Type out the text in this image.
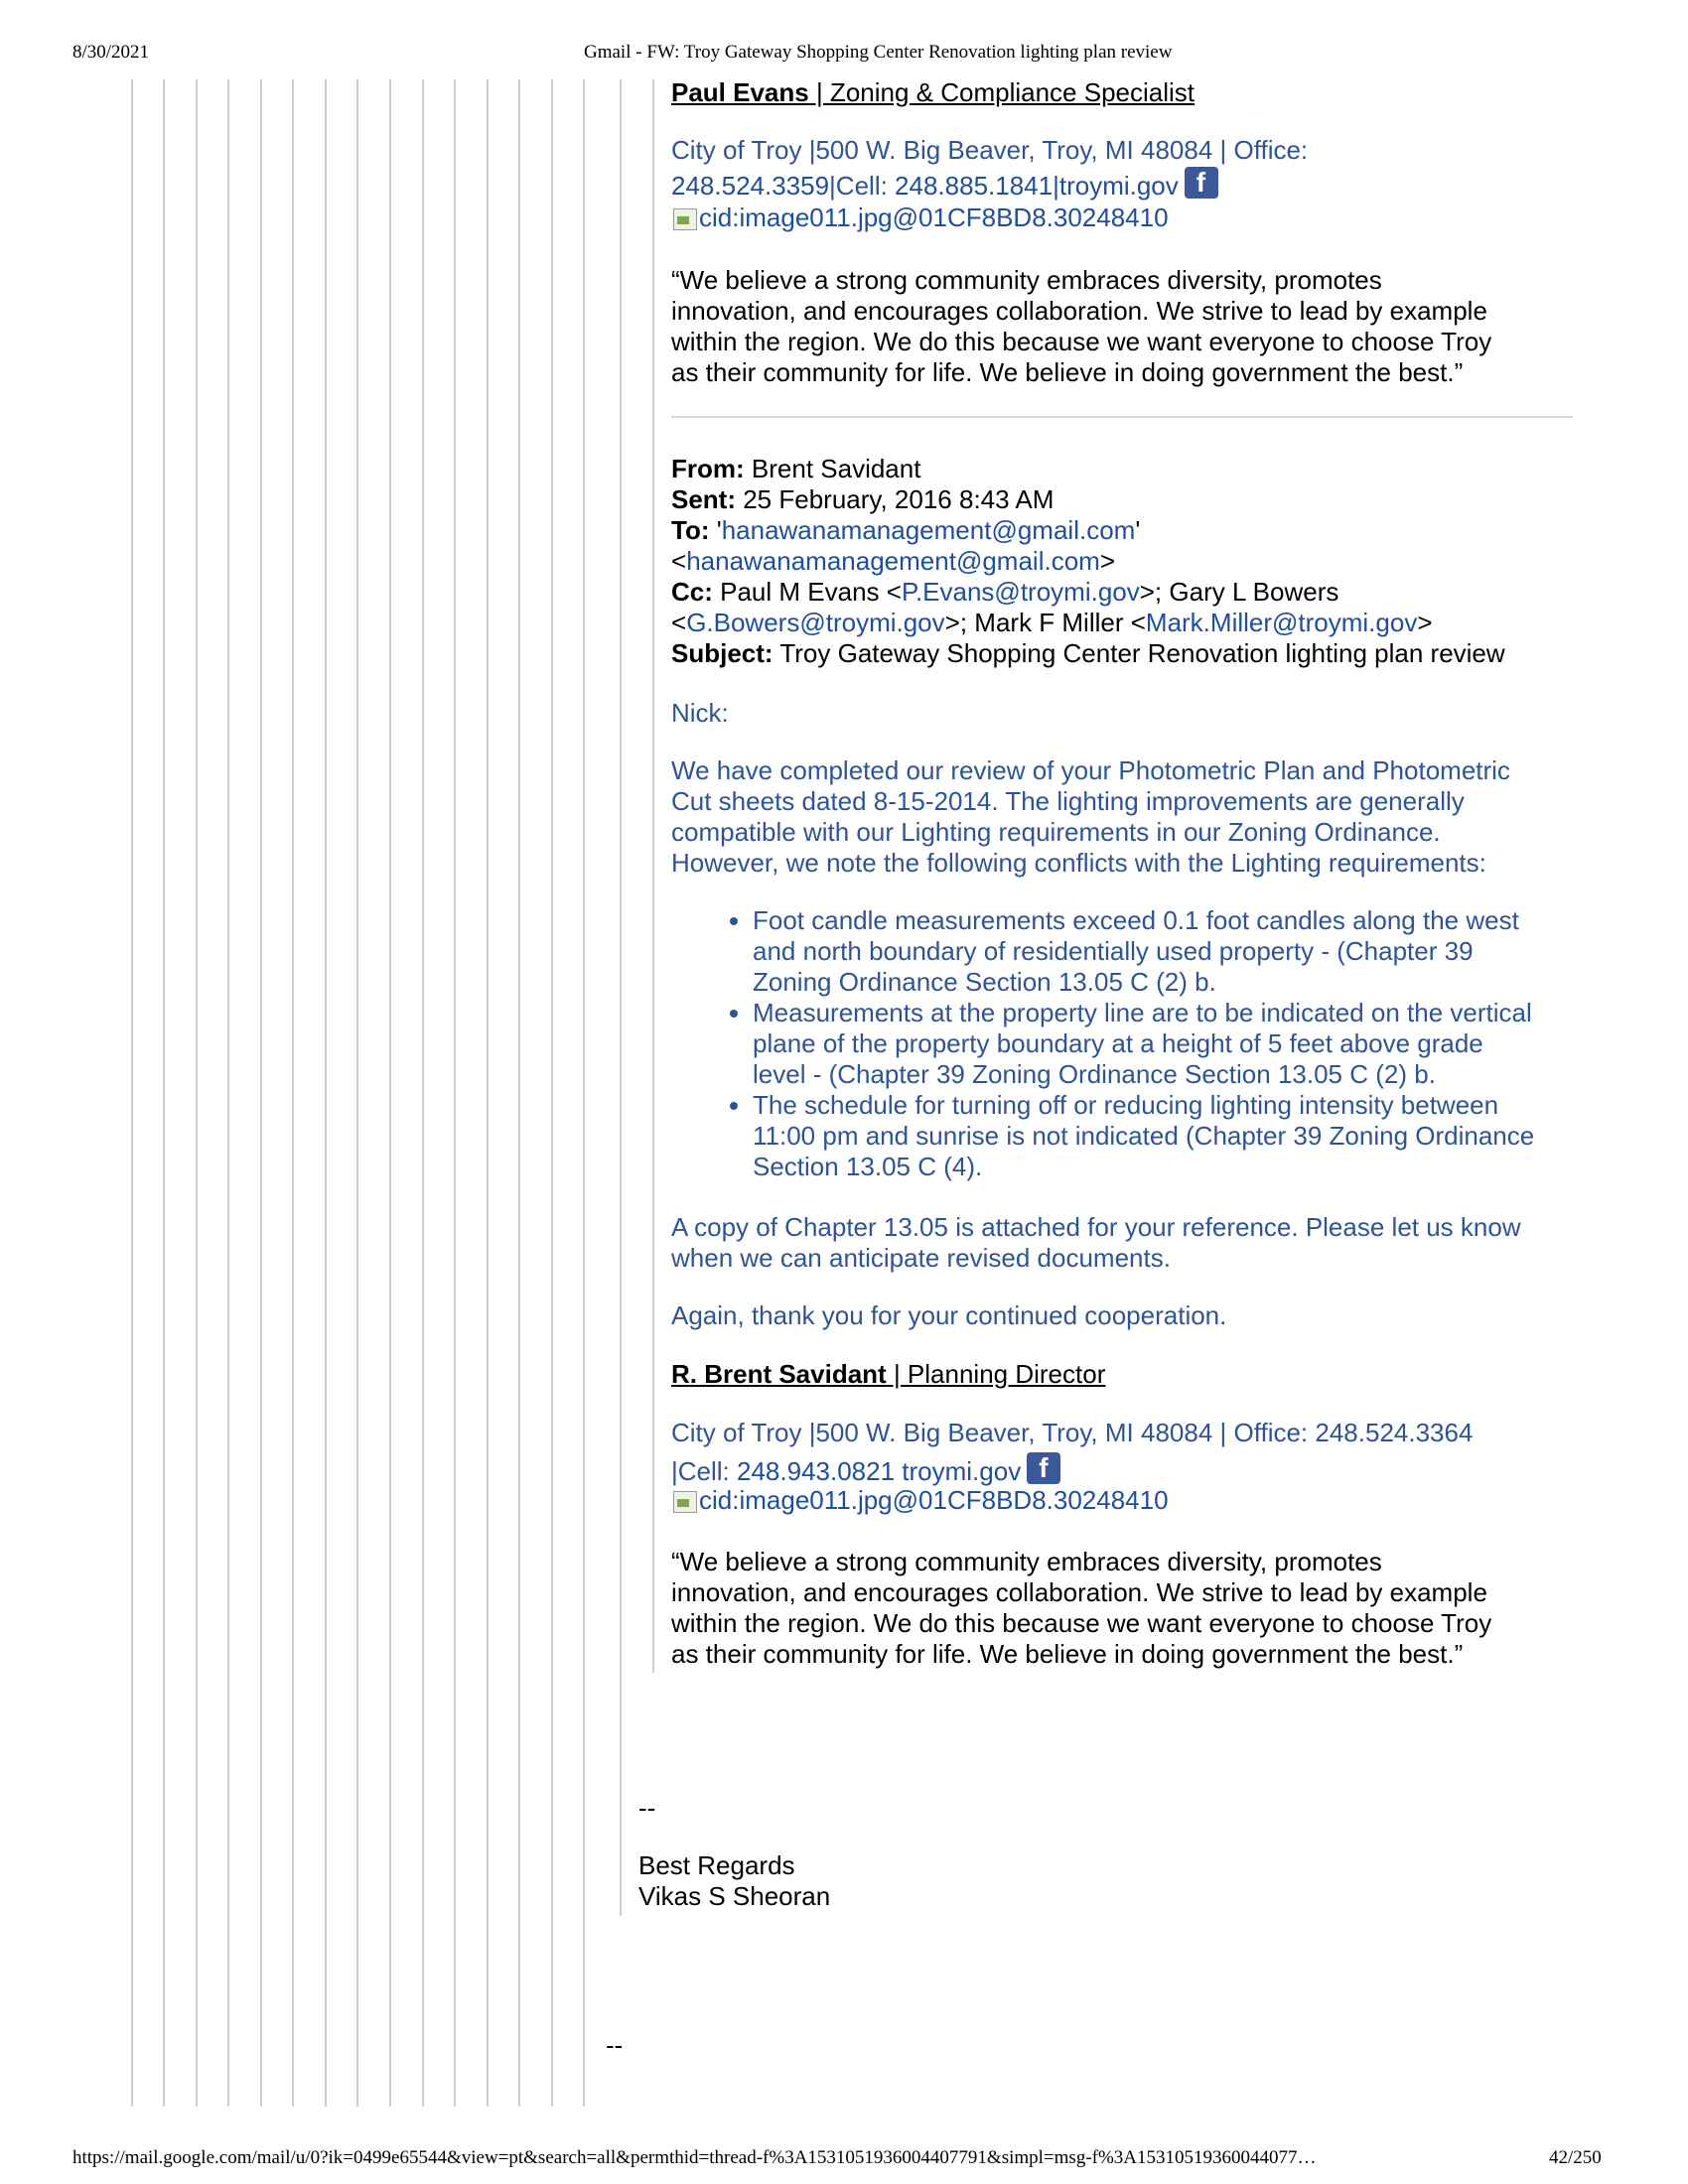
8/30/2021	Gmail - FW: Troy Gateway Shopping Center Renovation lighting plan review
Paul Evans | Zoning & Compliance Specialist
City of Troy |500 W. Big Beaver, Troy, MI 48084 | Office:
248.524.3359|Cell: 248.885.1841|troymi.govf
cid:image011.jpg@01CF8BD8.30248410
“We believe a strong community embraces diversity, promotes
innovation, and encourages collaboration. We strive to lead by example
within the region. We do this because we want everyone to choose Troy
as their community for life. We believe in doing government the best.”
From: Brent Savidant
Sent: 25 February, 2016 8:43 AM
To: 'hanawanamanagement@gmail.com'
<hanawanamanagement@gmail.com>
Cc: Paul M Evans <P.Evans@troymi.gov>; Gary L Bowers
<G.Bowers@troymi.gov>; Mark F Miller <Mark.Miller@troymi.gov>
Subject: Troy Gateway Shopping Center Renovation lighting plan review
Nick:
We have completed our review of your Photometric Plan and Photometric
Cut sheets dated 8-15-2014. The lighting improvements are generally
compatible with our Lighting requirements in our Zoning Ordinance.
However, we note the following conflicts with the Lighting requirements:
• Foot candle measurements exceed 0.1 foot candles along the west
and north boundary of residentially used property - (Chapter 39
Zoning Ordinance Section 13.05 C (2) b.
• Measurements at the property line are to be indicated on the vertical
plane of the property boundary at a height of 5 feet above grade
level - (Chapter 39 Zoning Ordinance Section 13.05 C (2) b.
• The schedule for turning off or reducing lighting intensity between
11:00 pm and sunrise is not indicated (Chapter 39 Zoning Ordinance
Section 13.05 C (4).
A copy of Chapter 13.05 is attached for your reference. Please let us know
when we can anticipate revised documents.
Again, thank you for your continued cooperation.
R. Brent Savidant | Planning Director
City of Troy |500 W. Big Beaver, Troy, MI 48084 | Office: 248.524.3364
|Cell: 248.943.0821 troymi.govf
cid:image011.jpg@01CF8BD8.30248410
“We believe a strong community embraces diversity, promotes
innovation, and encourages collaboration. We strive to lead by example
within the region. We do this because we want everyone to choose Troy
as their community for life. We believe in doing government the best.”
--
Best Regards
Vikas S Sheoran
--
https://mail.google.com/mail/u/0?ik=0499e65544&view=pt&search=all&permthid=thread-f%3A1531051936004407791&simpl=msg-f%3A15310519360044077…	42/250
